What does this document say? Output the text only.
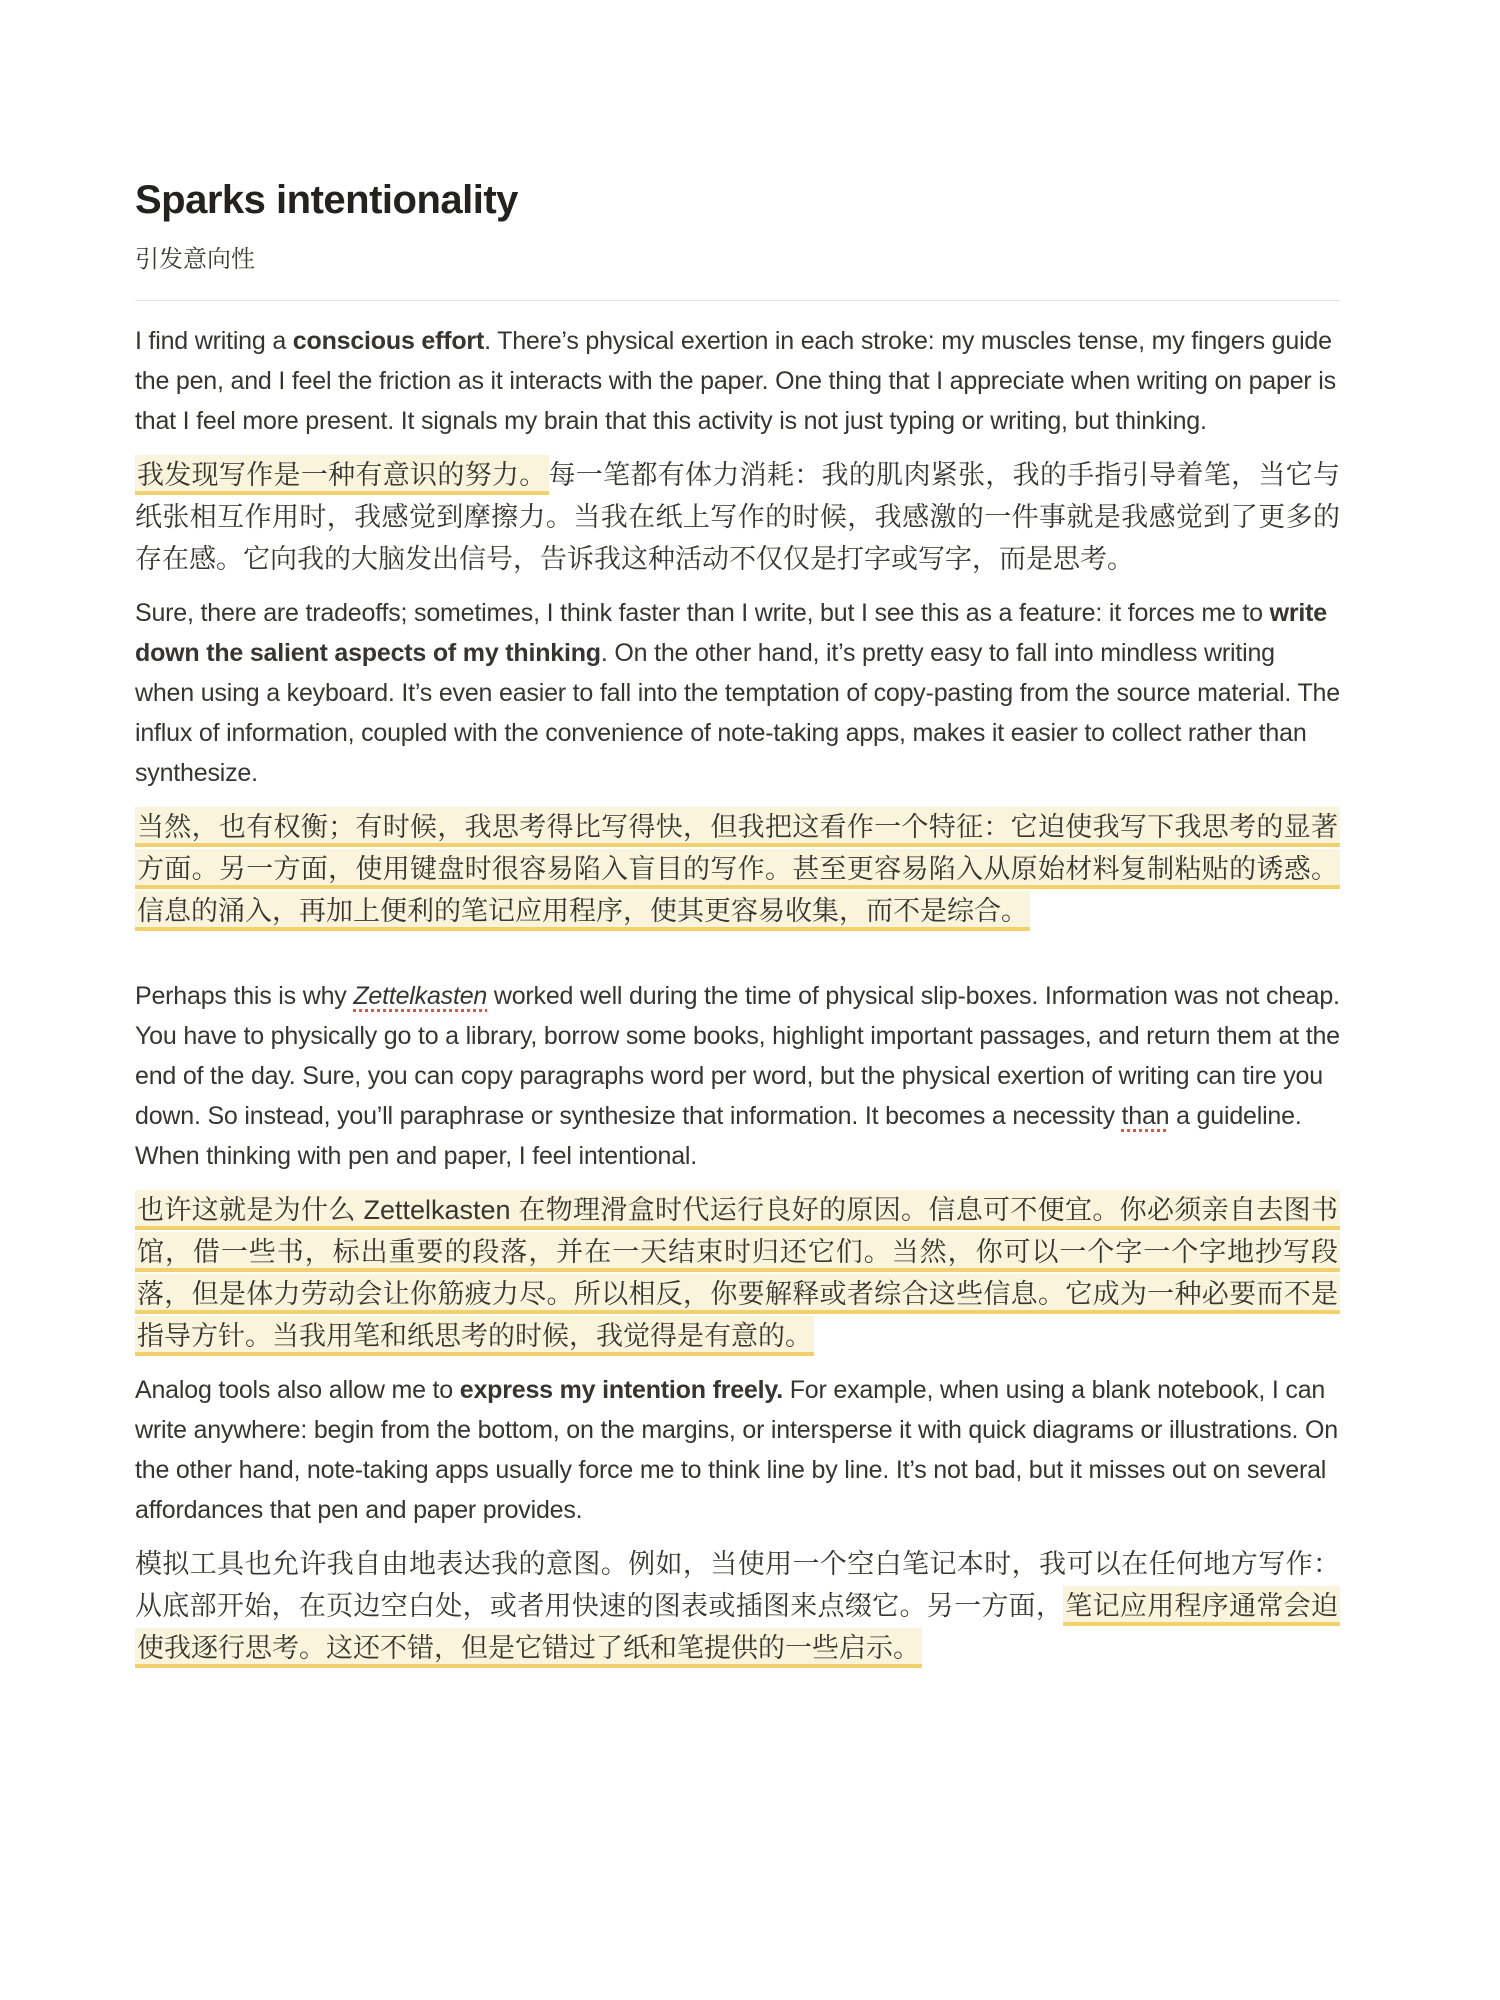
Sparks intentionality
引发意向性

I find writing a conscious effort. There’s physical exertion in each stroke: my muscles tense, my fingers guide the pen, and I feel the friction as it interacts with the paper. One thing that I appreciate when writing on paper is that I feel more present. It signals my brain that this activity is not just typing or writing, but thinking.

我发现写作是一种有意识的努力。每一笔都有体力消耗：我的肌肉紧张，我的手指引导着笔，当它与纸张相互作用时，我感觉到摩擦力。当我在纸上写作的时候，我感激的一件事就是我感觉到了更多的存在感。它向我的大脑发出信号，告诉我这种活动不仅仅是打字或写字，而是思考。

Sure, there are tradeoffs; sometimes, I think faster than I write, but I see this as a feature: it forces me to write down the salient aspects of my thinking. On the other hand, it’s pretty easy to fall into mindless writing when using a keyboard. It’s even easier to fall into the temptation of copy-pasting from the source material. The influx of information, coupled with the convenience of note-taking apps, makes it easier to collect rather than synthesize.

当然，也有权衡；有时候，我思考得比写得快，但我把这看作一个特征：它迫使我写下我思考的显著方面。另一方面，使用键盘时很容易陷入盲目的写作。甚至更容易陷入从原始材料复制粘贴的诱惑。信息的涌入，再加上便利的笔记应用程序，使其更容易收集，而不是综合。

Perhaps this is why Zettelkasten worked well during the time of physical slip-boxes. Information was not cheap. You have to physically go to a library, borrow some books, highlight important passages, and return them at the end of the day. Sure, you can copy paragraphs word per word, but the physical exertion of writing can tire you down. So instead, you’ll paraphrase or synthesize that information. It becomes a necessity than a guideline. When thinking with pen and paper, I feel intentional.

也许这就是为什么 Zettelkasten 在物理滑盒时代运行良好的原因。信息可不便宜。你必须亲自去图书馆，借一些书，标出重要的段落，并在一天结束时归还它们。当然，你可以一个字一个字地抄写段落，但是体力劳动会让你筋疲力尽。所以相反，你要解释或者综合这些信息。它成为一种必要而不是指导方针。当我用笔和纸思考的时候，我觉得是有意的。

Analog tools also allow me to express my intention freely. For example, when using a blank notebook, I can write anywhere: begin from the bottom, on the margins, or intersperse it with quick diagrams or illustrations. On the other hand, note-taking apps usually force me to think line by line. It’s not bad, but it misses out on several affordances that pen and paper provides.

模拟工具也允许我自由地表达我的意图。例如，当使用一个空白笔记本时，我可以在任何地方写作：从底部开始，在页边空白处，或者用快速的图表或插图来点缀它。另一方面，笔记应用程序通常会迫使我逐行思考。这还不错，但是它错过了纸和笔提供的一些启示。
